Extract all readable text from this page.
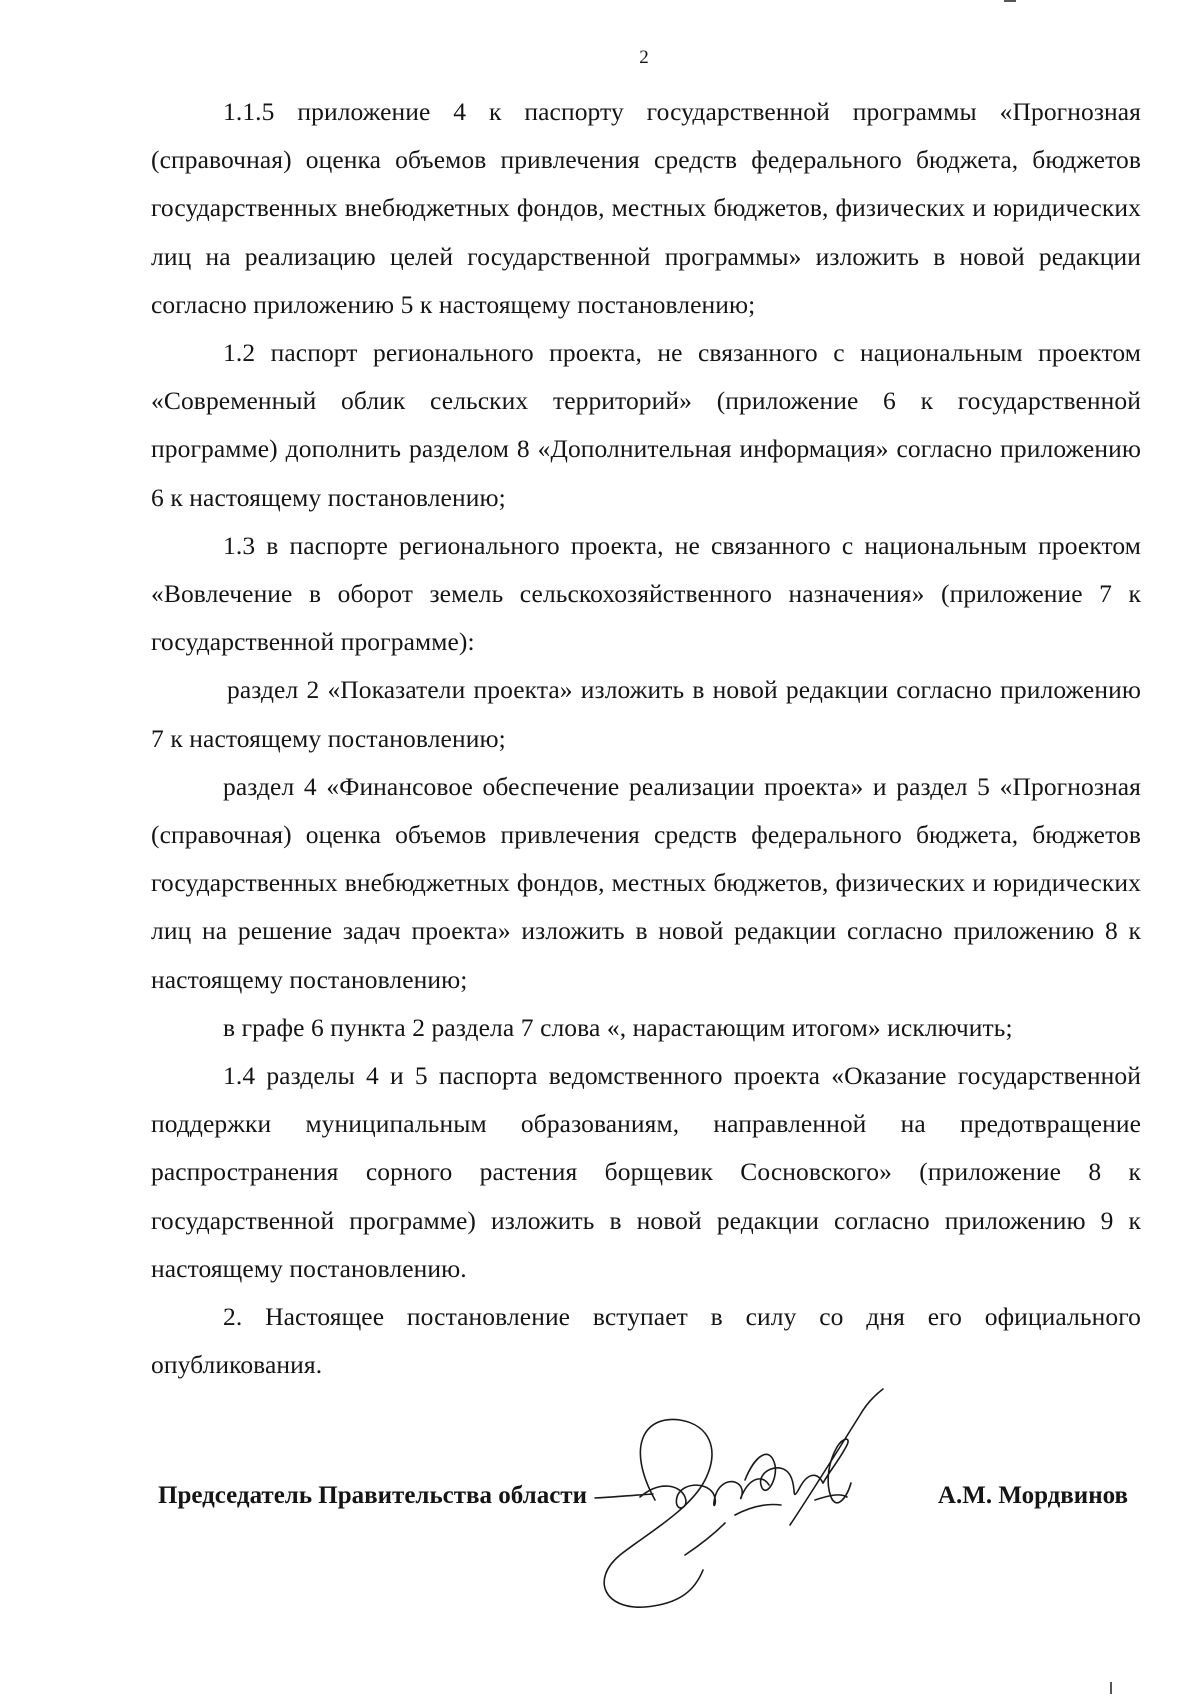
2

1.1.5 приложение 4 к паспорту государственной программы «Прогнозная (справочная) оценка объемов привлечения средств федерального бюджета, бюджетов государственных внебюджетных фондов, местных бюджетов, физических и юридических лиц на реализацию целей государственной программы» изложить в новой редакции согласно приложению 5 к настоящему постановлению;

1.2 паспорт регионального проекта, не связанного с национальным проектом «Современный облик сельских территорий» (приложение 6 к государственной программе) дополнить разделом 8 «Дополнительная информация» согласно приложению 6 к настоящему постановлению;

1.3 в паспорте регионального проекта, не связанного с национальным проектом «Вовлечение в оборот земель сельскохозяйственного назначения» (приложение 7 к государственной программе):

раздел 2 «Показатели проекта» изложить в новой редакции согласно приложению 7 к настоящему постановлению;

раздел 4 «Финансовое обеспечение реализации проекта» и раздел 5 «Прогнозная (справочная) оценка объемов привлечения средств федерального бюджета, бюджетов государственных внебюджетных фондов, местных бюджетов, физических и юридических лиц на решение задач проекта» изложить в новой редакции согласно приложению 8 к настоящему постановлению;

в графе 6 пункта 2 раздела 7 слова «, нарастающим итогом» исключить;

1.4 разделы 4 и 5 паспорта ведомственного проекта «Оказание государственной поддержки муниципальным образованиям, направленной на предотвращение распространения сорного растения борщевик Сосновского» (приложение 8 к государственной программе) изложить в новой редакции согласно приложению 9 к настоящему постановлению.

2. Настоящее постановление вступает в силу со дня его официального опубликования.

Председатель Правительства области	А.М. Мордвинов
